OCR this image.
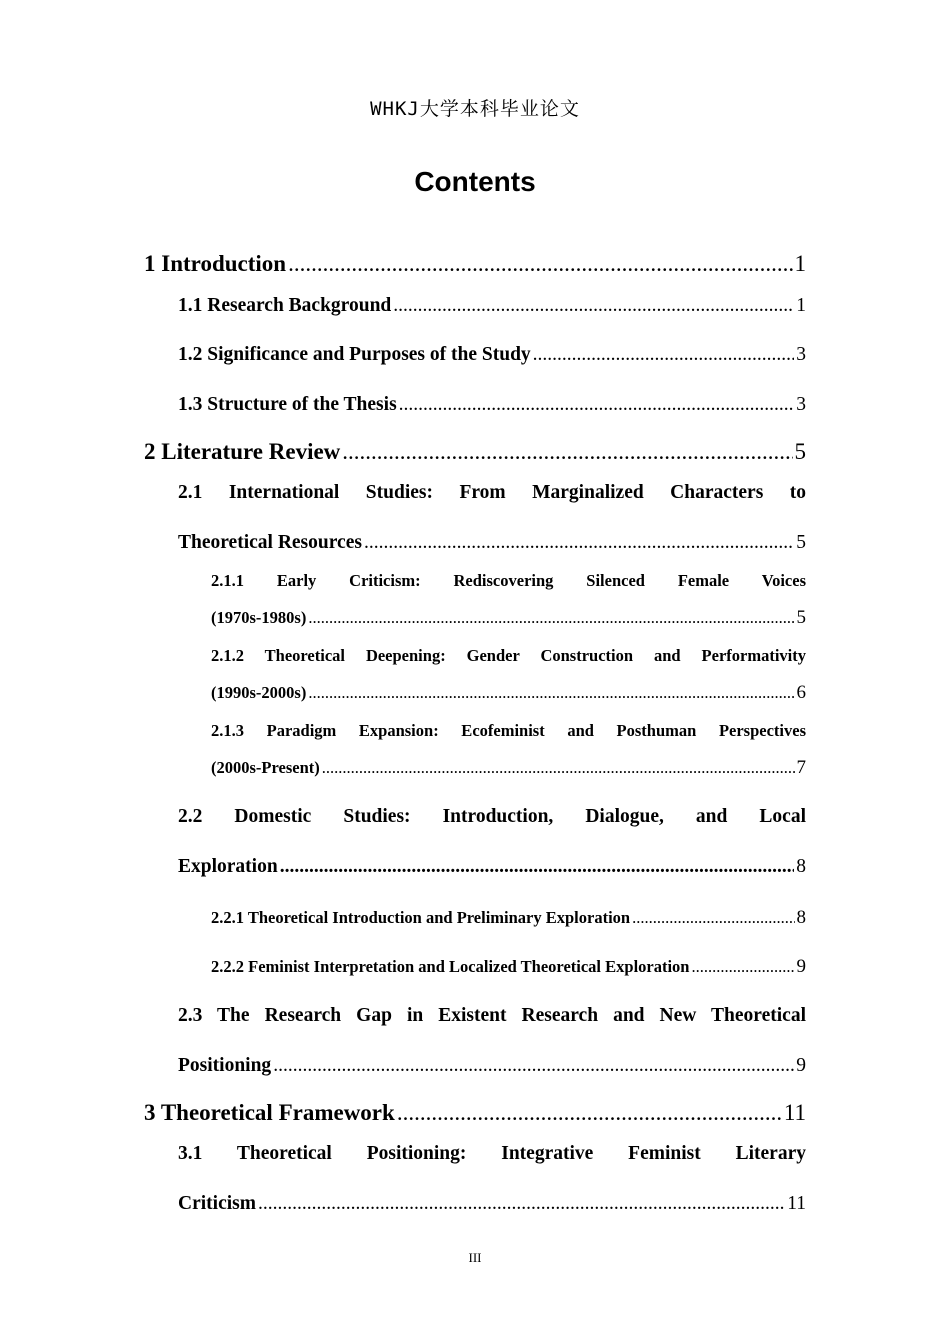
WHKJ大学本科毕业论文
Contents
1 Introduction .....	1
1.1 Research Background .....	1
1.2 Significance and Purposes of the Study .....	3
1.3 Structure of the Thesis .....	3
2 Literature Review .....	5
2.1 International Studies: From Marginalized Characters to
Theoretical Resources .....	5
2.1.1 Early Criticism: Rediscovering Silenced Female Voices
(1970s-1980s) .....	5
2.1.2 Theoretical Deepening: Gender Construction and Performativity
(1990s-2000s) .....	6
2.1.3 Paradigm Expansion: Ecofeminist and Posthuman Perspectives
(2000s-Present) .....	7
2.2 Domestic Studies: Introduction, Dialogue, and Local
Exploration .....	8
2.2.1 Theoretical Introduction and Preliminary Exploration .....	8
2.2.2 Feminist Interpretation and Localized Theoretical Exploration .....	9
2.3 The Research Gap in Existent Research and New Theoretical
Positioning .....	9
3 Theoretical Framework .....	11
3.1 Theoretical Positioning: Integrative Feminist Literary
Criticism .....	11
III
